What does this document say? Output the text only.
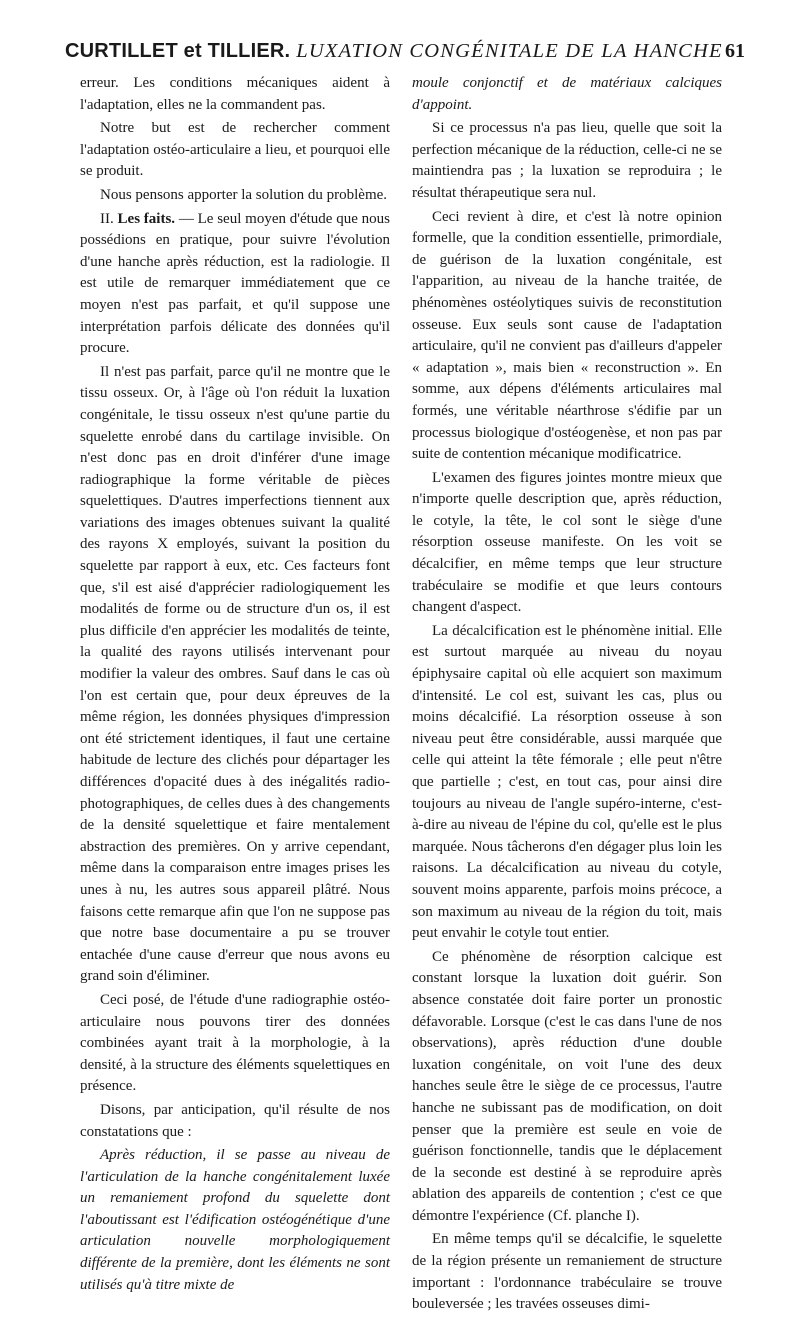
CURTILLET et TILLIER. LUXATION CONGÉNITALE DE LA HANCHE 61

erreur. Les conditions mécaniques aident à l'adaptation, elles ne la commandent pas.

Notre but est de rechercher comment l'adaptation ostéo-articulaire a lieu, et pourquoi elle se produit.

Nous pensons apporter la solution du problème.

II. Les faits. — Le seul moyen d'étude que nous possédions en pratique, pour suivre l'évolution d'une hanche après réduction, est la radiologie. Il est utile de remarquer immédiatement que ce moyen n'est pas parfait, et qu'il suppose une interprétation parfois délicate des données qu'il procure.

Il n'est pas parfait, parce qu'il ne montre que le tissu osseux. Or, à l'âge où l'on réduit la luxation congénitale, le tissu osseux n'est qu'une partie du squelette enrobé dans du cartilage invisible. On n'est donc pas en droit d'inférer d'une image radiographique la forme véritable de pièces squelettiques. D'autres imperfections tiennent aux variations des images obtenues suivant la qualité des rayons X employés, suivant la position du squelette par rapport à eux, etc. Ces facteurs font que, s'il est aisé d'apprécier radiologiquement les modalités de forme ou de structure d'un os, il est plus difficile d'en apprécier les modalités de teinte, la qualité des rayons utilisés intervenant pour modifier la valeur des ombres. Sauf dans le cas où l'on est certain que, pour deux épreuves de la même région, les données physiques d'impression ont été strictement identiques, il faut une certaine habitude de lecture des clichés pour départager les différences d'opacité dues à des inégalités radio-photographiques, de celles dues à des changements de la densité squelettique et faire mentalement abstraction des premières. On y arrive cependant, même dans la comparaison entre images prises les unes à nu, les autres sous appareil plâtré. Nous faisons cette remarque afin que l'on ne suppose pas que notre base documentaire a pu se trouver entachée d'une cause d'erreur que nous avons eu grand soin d'éliminer.

Ceci posé, de l'étude d'une radiographie ostéo-articulaire nous pouvons tirer des données combinées ayant trait à la morphologie, à la densité, à la structure des éléments squelettiques en présence.

Disons, par anticipation, qu'il résulte de nos constatations que :

Après réduction, il se passe au niveau de l'articulation de la hanche congénitalement luxée un remaniement profond du squelette dont l'aboutissant est l'édification ostéogénétique d'une articulation nouvelle morphologiquement différente de la première, dont les éléments ne sont utilisés qu'à titre mixte de

moule conjonctif et de matériaux calciques d'appoint.

Si ce processus n'a pas lieu, quelle que soit la perfection mécanique de la réduction, celle-ci ne se maintiendra pas ; la luxation se reproduira ; le résultat thérapeutique sera nul.

Ceci revient à dire, et c'est là notre opinion formelle, que la condition essentielle, primordiale, de guérison de la luxation congénitale, est l'apparition, au niveau de la hanche traitée, de phénomènes ostéolytiques suivis de reconstitution osseuse. Eux seuls sont cause de l'adaptation articulaire, qu'il ne convient pas d'ailleurs d'appeler « adaptation », mais bien « reconstruction ». En somme, aux dépens d'éléments articulaires mal formés, une véritable néarthrose s'édifie par un processus biologique d'ostéogenèse, et non pas par suite de contention mécanique modificatrice.

L'examen des figures jointes montre mieux que n'importe quelle description que, après réduction, le cotyle, la tête, le col sont le siège d'une résorption osseuse manifeste. On les voit se décalcifier, en même temps que leur structure trabéculaire se modifie et que leurs contours changent d'aspect.

La décalcification est le phénomène initial. Elle est surtout marquée au niveau du noyau épiphysaire capital où elle acquiert son maximum d'intensité. Le col est, suivant les cas, plus ou moins décalcifié. La résorption osseuse à son niveau peut être considérable, aussi marquée que celle qui atteint la tête fémorale ; elle peut n'être que partielle ; c'est, en tout cas, pour ainsi dire toujours au niveau de l'angle supéro-interne, c'est-à-dire au niveau de l'épine du col, qu'elle est le plus marquée. Nous tâcherons d'en dégager plus loin les raisons. La décalcification au niveau du cotyle, souvent moins apparente, parfois moins précoce, a son maximum au niveau de la région du toit, mais peut envahir le cotyle tout entier.

Ce phénomène de résorption calcique est constant lorsque la luxation doit guérir. Son absence constatée doit faire porter un pronostic défavorable. Lorsque (c'est le cas dans l'une de nos observations), après réduction d'une double luxation congénitale, on voit l'une des deux hanches seule être le siège de ce processus, l'autre hanche ne subissant pas de modification, on doit penser que la première est seule en voie de guérison fonctionnelle, tandis que le déplacement de la seconde est destiné à se reproduire après ablation des appareils de contention ; c'est ce que démontre l'expérience (Cf. planche I).

En même temps qu'il se décalcifie, le squelette de la région présente un remaniement de structure important : l'ordonnance trabéculaire se trouve bouleversée ; les travées osseuses dimi-
